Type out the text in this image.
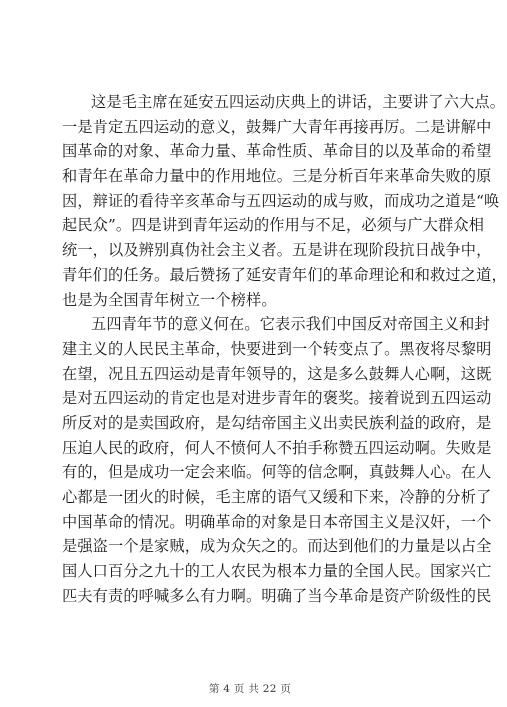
这是毛主席在延安五四运动庆典上的讲话，主要讲了六大点。
一是肯定五四运动的意义，鼓舞广大青年再接再厉。二是讲解中
国革命的对象、革命力量、革命性质、革命目的以及革命的希望
和青年在革命力量中的作用地位。三是分析百年来革命失败的原
因，辩证的看待辛亥革命与五四运动的成与败，而成功之道是“唤
起民众”。四是讲到青年运动的作用与不足，必须与广大群众相
统一，以及辨别真伪社会主义者。五是讲在现阶段抗日战争中，
青年们的任务。最后赞扬了延安青年们的革命理论和和救过之道，
也是为全国青年树立一个榜样。
五四青年节的意义何在。它表示我们中国反对帝国主义和封
建主义的人民民主革命，快要进到一个转变点了。黑夜将尽黎明
在望，况且五四运动是青年领导的，这是多么鼓舞人心啊，这既
是对五四运动的肯定也是对进步青年的褒奖。接着说到五四运动
所反对的是卖国政府，是勾结帝国主义出卖民族利益的政府，是
压迫人民的政府，何人不愤何人不拍手称赞五四运动啊。失败是
有的，但是成功一定会来临。何等的信念啊，真鼓舞人心。在人
心都是一团火的时候，毛主席的语气又缓和下来，冷静的分析了
中国革命的情况。明确革命的对象是日本帝国主义是汉奸，一个
是强盗一个是家贼，成为众矢之的。而达到他们的力量是以占全
国人口百分之九十的工人农民为根本力量的全国人民。国家兴亡
匹夫有责的呼喊多么有力啊。明确了当今革命是资产阶级性的民
第 4 页 共 22 页
